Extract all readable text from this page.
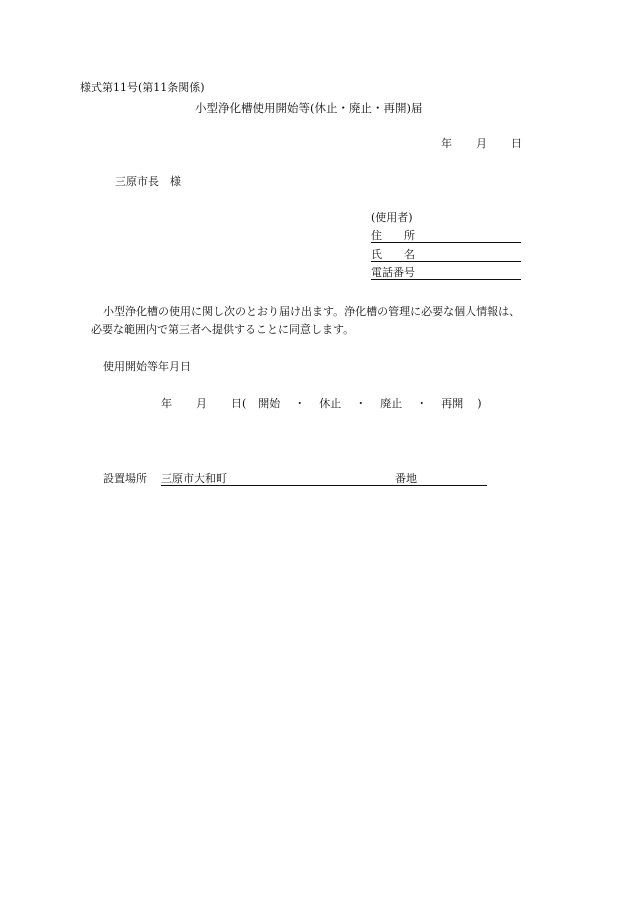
様式第11号(第11条関係)
小型浄化槽使用開始等(休止・廃止・再開)届
年 月 日
三原市長　様
(使用者)
住　　所
氏　　名
電話番号
小型浄化槽の使用に関し次のとおり届け出ます。浄化槽の管理に必要な個人情報は、
必要な範囲内で第三者へ提供することに同意します。
使用開始等年月日
年 月 日( 開始 ・ 休止 ・ 廃止 ・ 再開 )
設置場所 三原市大和町	番地
